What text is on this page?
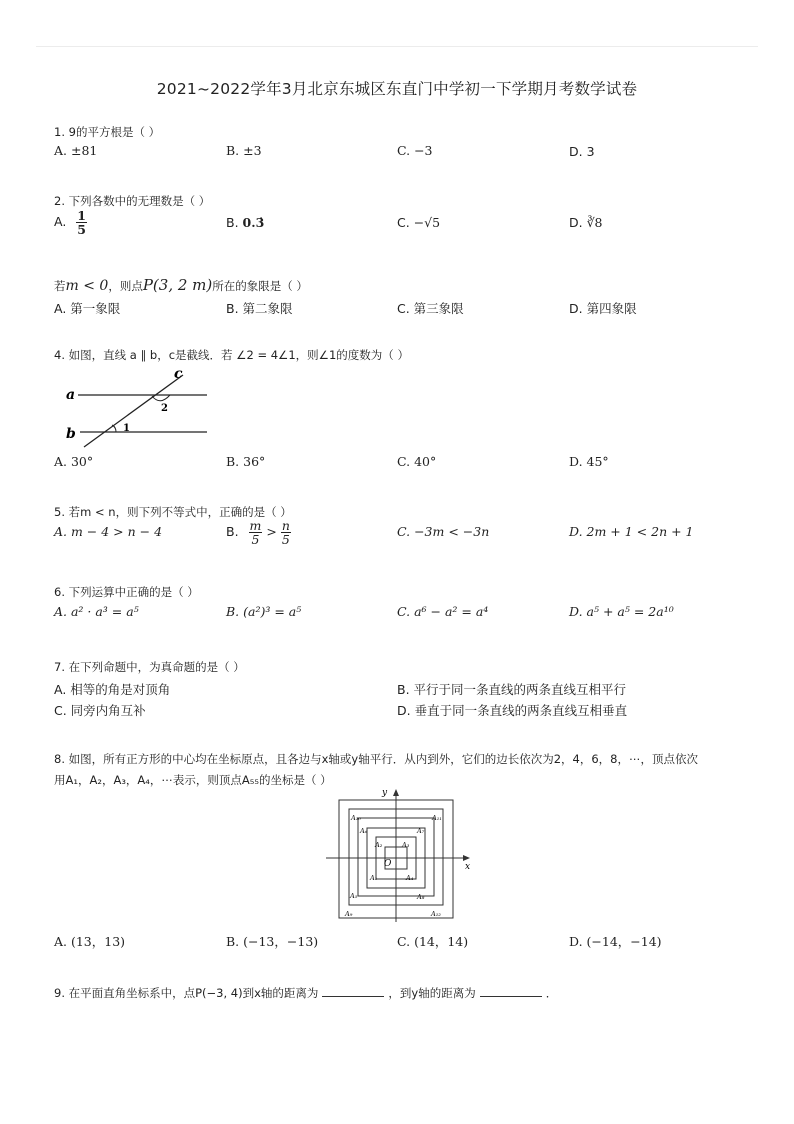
2021~2022学年3月北京东城区东直门中学初一下学期月考数学试卷
1. 9的平方根是（ ）
A. ±81	B. ±3	C. −3	D. 3
2. 下列各数中的无理数是（ ）
A. $\frac{1}{5}$	B. 0.3̇	C. −√5	D. ∛8
若m < 0，则点P(3, 2 m)所在的象限是（ ）
A. 第一象限	B. 第二象限	C. 第三象限	D. 第四象限
4. 如图，直线 a ∥ b，c是截线．若 ∠2 = 4∠1，则∠1的度数为（ ）
a
b
c
2
1
A. 30°	B. 36°	C. 40°	D. 45°
5. 若m < n，则下列不等式中，正确的是（ ）
A. m − 4 > n − 4	B. $\frac{m}{5} > \frac{n}{5}$	C. −3m < −3n	D. 2m + 1 < 2n + 1
6. 下列运算中正确的是（ ）
A. a² · a³ = a⁵	B. (a²)³ = a⁵	C. a⁶ − a² = a⁴	D. a⁵ + a⁵ = 2a¹⁰
7. 在下列命题中，为真命题的是（ ）
A. 相等的角是对顶角	B. 平行于同一条直线的两条直线互相平行
C. 同旁内角互补	D. 垂直于同一条直线的两条直线互相垂直
8. 如图，所有正方形的中心均在坐标原点，且各边与x轴或y轴平行．从内到外，它们的边长依次为2，4，6，8，⋯，顶点依次
用A₁，A₂，A₃，A₄，⋯表示，则顶点A₅₅的坐标是（ ）
x
y
O
A₁
A₂	A₃
A₄
A₅
A₆	A₇
A₈
A₉
A₁₀	A₁₁
A₁₂
A. (13，13)	B. (−13，−13)	C. (14，14)	D. (−14，−14)
9. 在平面直角坐标系中，点P(−3, 4)到x轴的距离为	，到y轴的距离为	．
